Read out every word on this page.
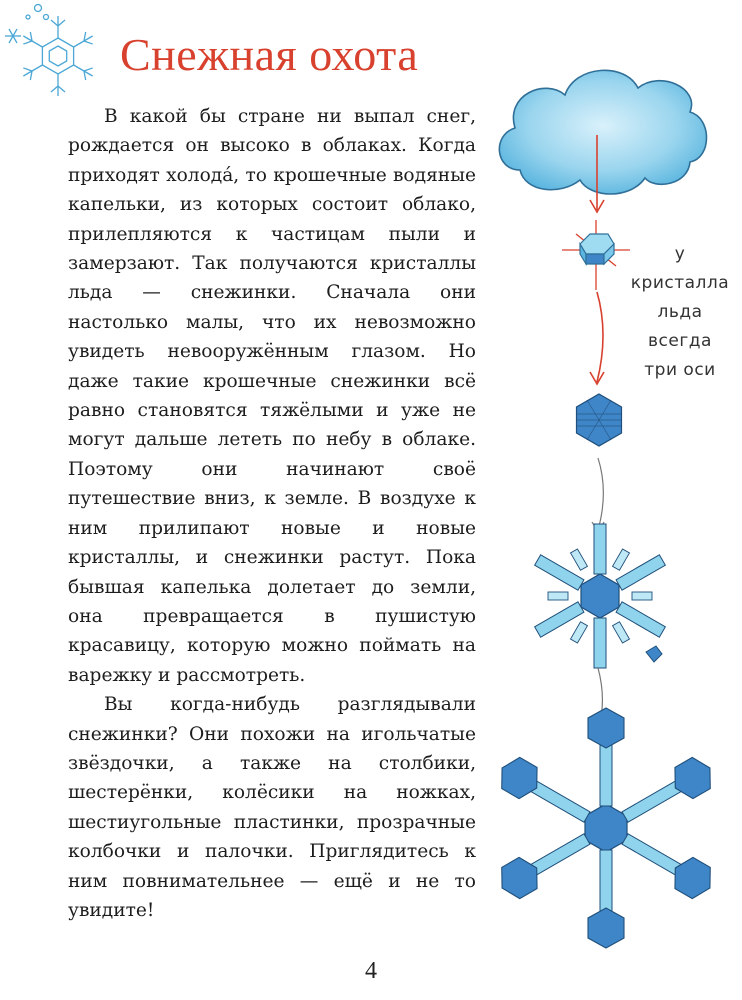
Снежная охота

В какой бы стране ни выпал снег, рождается он высоко в облаках. Когда приходят холода́, то крошечные водяные капельки, из которых состоит облако, прилепляются к частицам пыли и замерзают. Так получаются кристаллы льда — снежинки. Сначала они настолько малы, что их невозможно увидеть невооружённым глазом. Но даже такие крошечные снежинки всё равно становятся тяжёлыми и уже не могут дальше лететь по небу в облаке. Поэтому они начинают своё путешествие вниз, к земле. В воздухе к ним прилипают новые и новые кристаллы, и снежинки растут. Пока бывшая капелька долетает до земли, она превращается в пушистую красавицу, которую можно поймать на варежку и рассмотреть.

Вы когда-нибудь разглядывали снежинки? Они похожи на игольчатые звёздочки, а также на столбики, шестерёнки, колёсики на ножках, шестиугольные пластинки, прозрачные колбочки и палочки. Приглядитесь к ним повнимательнее — ещё и не то увидите!

у
кристалла
льда
всегда
три оси
4
